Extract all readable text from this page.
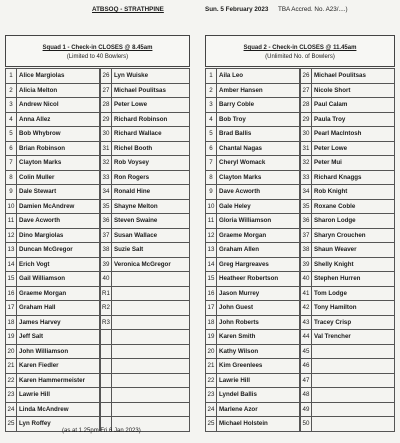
ATBSOQ - STRATHPINE	Sun. 5 February 2023 TBA Accred. No. A23/....)
Squad 1 - Check-in CLOSES @ 8.45am
(Limited to 40 Bowlers)
Squad 2 - Check-in CLOSES @ 11.45am
(Unlimited No. of Bowlers)
1	Alice Margiolas
2	Alicia Melton
3	Andrew Nicol
4	Anna Allez
5	Bob Whybrow
6	Brian Robinson
7	Clayton Marks
8	Colin Muller
9	Dale Stewart
10	Damien McAndrew
11	Dave Acworth
12	Dino Margiolas
13	Duncan McGregor
14	Erich Vogt
15	Gail Williamson
16	Graeme Morgan
17	Graham Hall
18	James Harvey
19	Jeff Salt
20	John Williamson
21	Karen Fiedler
22	Karen Hammermeister
23	Lawrie Hill
24	Linda McAndrew
25	Lyn Roffey
26	Lyn Wuiske
27	Michael Poulitsas
28	Peter Lowe
29	Richard Robinson
30	Richard Wallace
31	Richel Booth
32	Rob Voysey
33	Ron Rogers
34	Ronald Hine
35	Shayne Melton
36	Steven Swaine
37	Susan Wallace
38	Suzie Salt
39	Veronica McGregor
40	
R1	
R2	
R3	

1	Aila Leo
2	Amber Hansen
3	Barry Coble
4	Bob Troy
5	Brad Ballis
6	Chantal Nagas
7	Cheryl Womack
8	Clayton Marks
9	Dave Acworth
10	Gale Heley
11	Gloria Williamson
12	Graeme Morgan
13	Graham Allen
14	Greg Hargreaves
15	Heatheer Robertson
16	Jason Murrey
17	John Guest
18	John Roberts
19	Karen Smith
20	Kathy Wilson
21	Kim Greenlees
22	Lawrie Hill
23	Lyndel Ballis
24	Marlene Azor
25	Michael Holstein
26	Michael Poulitsas
27	Nicole Short
28	Paul Calam
29	Paula Troy
30	Pearl MacIntosh
31	Peter Lowe
32	Peter Mui
33	Richard Knaggs
34	Rob Knight
35	Roxane Coble
36	Sharon Lodge
37	Sharyn Crouchen
38	Shaun Weaver
39	Shelly Knight
40	Stephen Hurren
41	Tom Lodge
42	Tony Hamilton
43	Tracey Crisp
44	Val Trencher
45	
46	
47	
48	
49	
50	
(as at 1.25pm Fri 6 Jan 2023)
